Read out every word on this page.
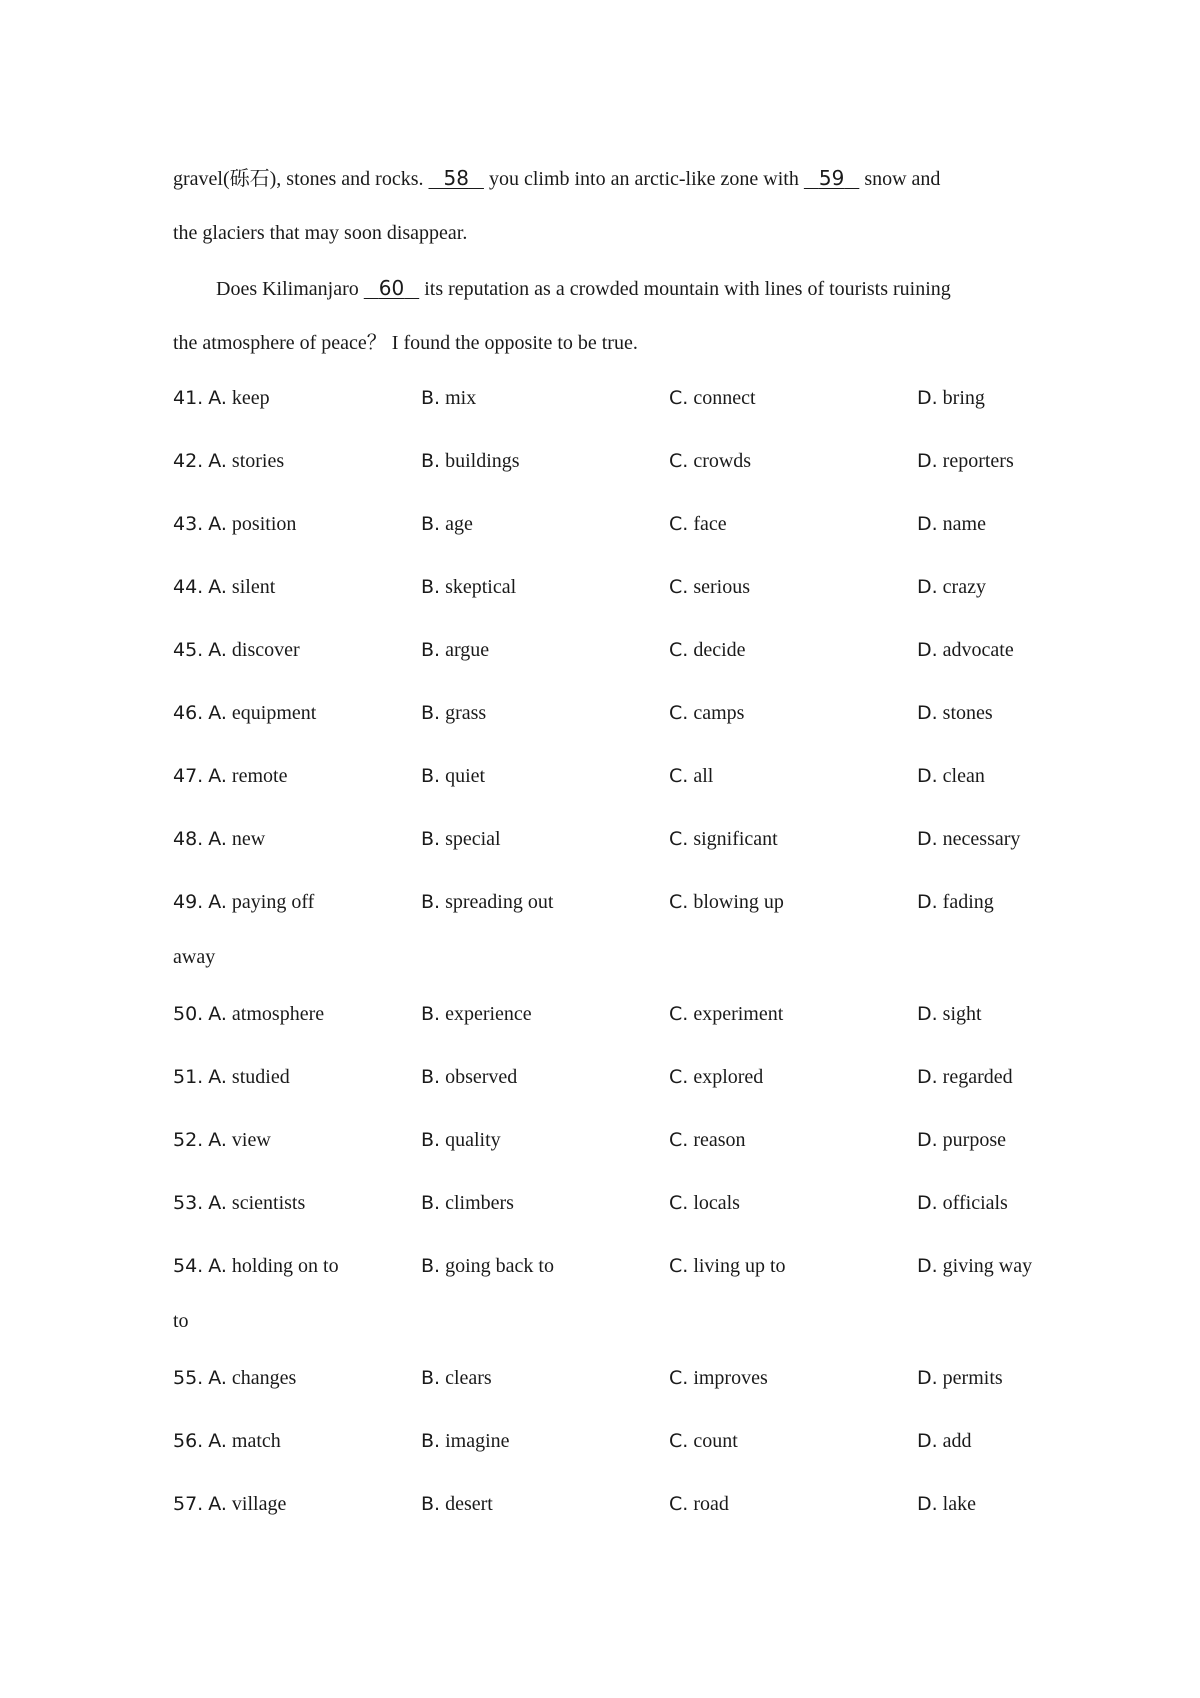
gravel(砾石), stones and rocks.    58    you climb into an arctic-like zone with    59    snow and
the glaciers that may soon disappear.
Does Kilimanjaro    60    its reputation as a crowded mountain with lines of tourists ruining
the atmosphere of peace？ I found the opposite to be true.
41. A. keep	B. mix	C. connect	D. bring
42. A. stories	B. buildings	C. crowds	D. reporters
43. A. position	B. age	C. face	D. name
44. A. silent	B. skeptical	C. serious	D. crazy
45. A. discover	B. argue	C. decide	D. advocate
46. A. equipment	B. grass	C. camps	D. stones
47. A. remote	B. quiet	C. all	D. clean
48. A. new	B. special	C. significant	D. necessary
49. A. paying off	B. spreading out	C. blowing up	D. fading
away
50. A. atmosphere	B. experience	C. experiment	D. sight
51. A. studied	B. observed	C. explored	D. regarded
52. A. view	B. quality	C. reason	D. purpose
53. A. scientists	B. climbers	C. locals	D. officials
54. A. holding on to	B. going back to	C. living up to	D. giving way
to
55. A. changes	B. clears	C. improves	D. permits
56. A. match	B. imagine	C. count	D. add
57. A. village	B. desert	C. road	D. lake
